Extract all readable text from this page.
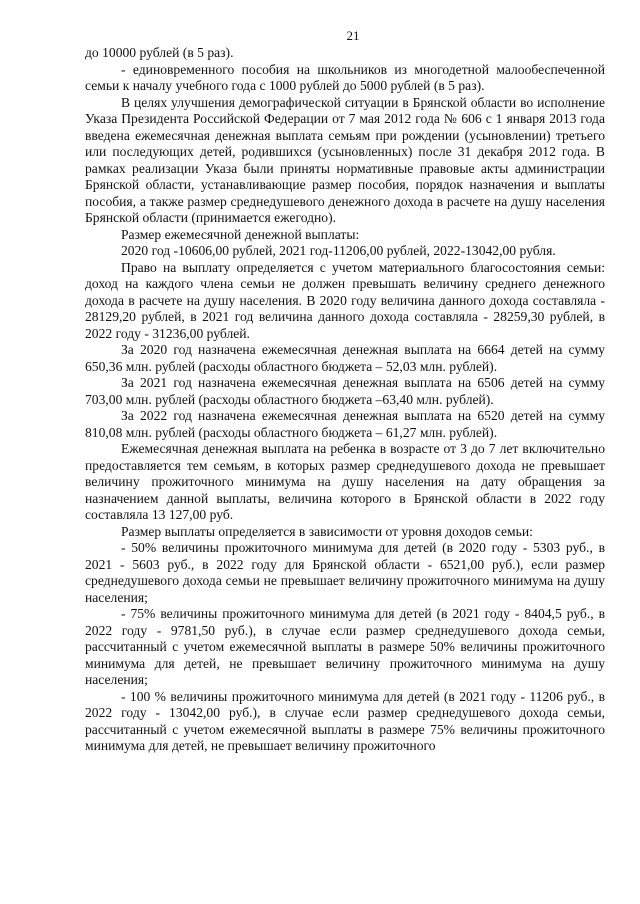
21

до 10000 рублей (в 5 раз).

- единовременного пособия на школьников из многодетной малообеспеченной семьи к началу учебного года с 1000 рублей до 5000 рублей (в 5 раз).

В целях улучшения демографической ситуации в Брянской области во исполнение Указа Президента Российской Федерации от 7 мая 2012 года № 606 с 1 января 2013 года введена ежемесячная денежная выплата семьям при рождении (усыновлении) третьего или последующих детей, родившихся (усыновленных) после 31 декабря 2012 года. В рамках реализации Указа были приняты нормативные правовые акты администрации Брянской области, устанавливающие размер пособия, порядок назначения и выплаты пособия, а также размер среднедушевого денежного дохода в расчете на душу населения Брянской области (принимается ежегодно).

Размер ежемесячной денежной выплаты:

2020 год -10606,00 рублей, 2021 год-11206,00 рублей, 2022-13042,00 рубля.

Право на выплату определяется с учетом материального благосостояния семьи: доход на каждого члена семьи не должен превышать величину среднего денежного дохода в расчете на душу населения. В 2020 году величина данного дохода составляла - 28129,20 рублей, в 2021 год величина данного дохода составляла - 28259,30 рублей, в 2022 году - 31236,00 рублей.

За 2020 год назначена ежемесячная денежная выплата на 6664 детей на сумму 650,36 млн. рублей (расходы областного бюджета – 52,03 млн. рублей).

За 2021 год назначена ежемесячная денежная выплата на 6506 детей на сумму 703,00 млн. рублей (расходы областного бюджета –63,40 млн. рублей).

За 2022 год назначена ежемесячная денежная выплата на 6520 детей на сумму 810,08 млн. рублей (расходы областного бюджета – 61,27 млн. рублей).

Ежемесячная денежная выплата на ребенка в возрасте от 3 до 7 лет включительно предоставляется тем семьям, в которых размер среднедушевого дохода не превышает величину прожиточного минимума на душу населения на дату обращения за назначением данной выплаты, величина которого в Брянской области в 2022 году составляла 13 127,00 руб.

Размер выплаты определяется в зависимости от уровня доходов семьи:

- 50% величины прожиточного минимума для детей (в 2020 году - 5303 руб., в 2021 - 5603 руб., в 2022 году для Брянской области - 6521,00 руб.), если размер среднедушевого дохода семьи не превышает величину прожиточного минимума на душу населения;

- 75% величины прожиточного минимума для детей (в 2021 году - 8404,5 руб., в 2022 году - 9781,50 руб.), в случае если размер среднедушевого дохода семьи, рассчитанный с учетом ежемесячной выплаты в размере 50% величины прожиточного минимума для детей, не превышает величину прожиточного минимума на душу населения;

- 100 % величины прожиточного минимума для детей (в 2021 году - 11206 руб., в 2022 году - 13042,00 руб.), в случае если размер среднедушевого дохода семьи, рассчитанный с учетом ежемесячной выплаты в размере 75% величины прожиточного минимума для детей, не превышает величину прожиточного
